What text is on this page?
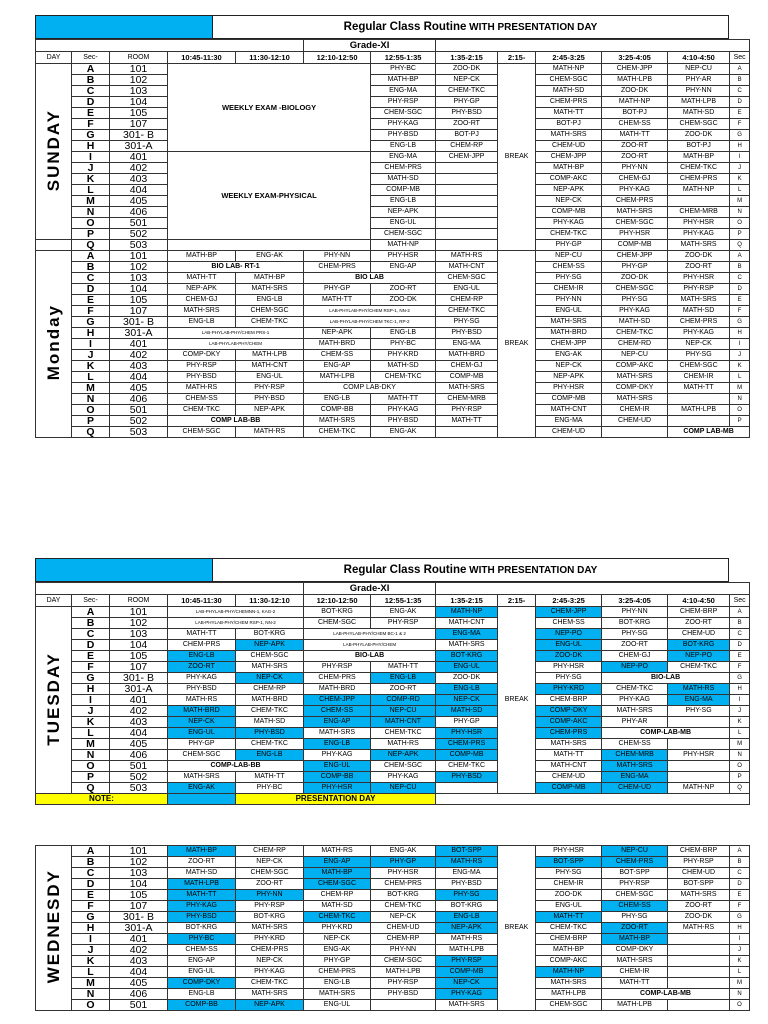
Regular Class Routine WITH PRESENTATION DAY
					Grade-XI								
DAY	Sec-	ROOM	10:45-11:30	11:30-12:10	12:10-12:50	12:55-1:35	1:35-2:15	2:15-	2:45-3:25	3:25-4:05	4:10-4:50	Sec	
SUNDAY	A	101	WEEKLY EXAM -BIOLOGY			PHY-BC	ZOO-DK	BREAK	MATH-NP	CHEM-JPP	NEP-CU	A	
	B	102				MATH-BP	NEP-CK		CHEM-SGC	MATH-LPB	PHY-AR	B	
	C	103				ENG-MA	CHEM-TKC		MATH-SD	ZOO-DK	PHY-NN	C	
	D	104				PHY-RSP	PHY-GP		CHEM-PRS	MATH-NP	MATH-LPB	D	
	E	105				CHEM-SGC	PHY-BSD		MATH-TT	BOT-PJ	MATH-SD	E	
	F	107				PHY-KAG	ZOO-RT		BOT-PJ	CHEM-SS	CHEM-SGC	F	
	G	301- B				PHY-BSD	BOT-PJ		MATH-SRS	MATH-TT	ZOO-DK	G	
	H	301-A				ENG-LB	CHEM-RP		CHEM-UD	ZOO-RT	BOT-PJ	H	
	I	401	WEEKLY EXAM-PHYSICAL			ENG-MA	CHEM-JPP		CHEM-JPP	ZOO-RT	MATH-BP	I	
	J	402				CHEM-PRS			MATH-BP	PHY-NN	CHEM-TKC	J	
	K	403				MATH-SD			COMP-AKC	CHEM-GJ	CHEM-PRS	K	
	L	404				COMP-MB			NEP-APK	PHY-KAG	MATH-NP	L	
	M	405				ENG-LB			NEP-CK	CHEM-PRS		M	
	N	406				NEP-APK			COMP-MB	MATH-SRS	CHEM-MRB	N	
	O	501				ENG-UL			PHY-KAG	CHEM-SGC	PHY-HSR	O	
	P	502				CHEM-SGC			CHEM-TKC	PHY-HSR	PHY-KAG	P	
	Q	503				MATH-NP			PHY-GP	COMP-MB	MATH-SRS	Q	
Monday	A	101	MATH-BP	ENG-AK	PHY-NN	PHY-HSR	MATH-RS	BREAK	NEP-CU	CHEM-JPP	ZOO-DK	A	
	B	102	BIO LAB- RT-1		CHEM-PRS	ENG-AP	MATH-CNT		CHEM-SS	PHY-GP	ZOO-RT	B	
	C	103	MATH-TT	MATH-BP	BIO LAB		CHEM-SGC		PHY-SG	ZOO-DK	PHY-HSR	C	
	D	104	NEP-APK	MATH-SRS	PHY-GP	ZOO-RT	ENG-UL		CHEM-IR	CHEM-SGC	PHY-RSP	D	
	E	105	CHEM-GJ	ENG-LB	MATH-TT	ZOO-DK	CHEM-RP		PHY-NN	PHY-SG	MATH-SRS	E	
	F	107	MATH-SRS	CHEM-SGC	LAB-PHYLAB-PHY/CHEM RSP-1, NN-2		CHEM-TKC		ENG-UL	PHY-KAG	MATH-SD	F	
	G	301- B	ENG-LB	CHEM-TKC	LAB-PHYLAB-PHY/CHEM TKC-1, RP-2		PHY-SG		MATH-SRS	MATH-SD	CHEM-PRS	G	
	H	301-A	LAB-PHYLAB-PHY/CHEM PRS-1		NEP-APK	ENG-LB	PHY-BSD		MATH-BRD	CHEM-TKC	PHY-KAG	H	
	I	401	LAB-PHYLAB-PHY/CHEM		MATH-BRD	PHY-BC	ENG-MA		CHEM-JPP	CHEM-RD	NEP-CK	I	
	J	402	COMP-DKY	MATH-LPB	CHEM-SS	PHY-KRD	MATH-BRD		ENG-AK	NEP-CU	PHY-SG	J	
	K	403	PHY-RSP	MATH-CNT	ENG-AP	MATH-SD	CHEM-GJ		NEP-CK	COMP-AKC	CHEM-SGC	K	
	L	404	PHY-BSD	ENG-UL	MATH-LPB	CHEM-TKC	COMP-MB		NEP-APK	MATH-SRS	CHEM-IR	L	
	M	405	MATH-RS	PHY-RSP	COMP LAB-DKY		MATH-SRS		PHY-HSR	COMP-DKY	MATH-TT	M	
	N	406	CHEM-SS	PHY-BSD	ENG-LB	MATH-TT	CHEM-MRB		COMP-MB	MATH-SRS		N	
	O	501	CHEM-TKC	NEP-APK	COMP-BB	PHY-KAG	PHY-RSP		MATH-CNT	CHEM-IR	MATH-LPB	O	
	P	502	COMP LAB-BB		MATH-SRS	PHY-BSD	MATH-TT		ENG-MA	CHEM-UD		P	
	Q	503	CHEM-SGC	MATH-RS	CHEM-TKC	ENG-AK			CHEM-UD		COMP LAB-MB	
Regular Class Routine WITH PRESENTATION DAY
					Grade-XI							
DAY	Sec-	ROOM	10:45-11:30	11:30-12:10	12:10-12:50	12:55-1:35	1:35-2:15	2:15-	2:45-3:25	3:25-4:05	4:10-4:50	Sec
TUESDAY	A	101	LAB-PHYLAB-PHY/CHEMNN-1, KAG-2		BOT-KRG	ENG-AK	MATH-NP	BREAK	CHEM-JPP	PHY-NN	CHEM-BRP	A
	B	102	LAB-PHYLAB-PHY/CHEM RSP-1, NN-2		CHEM-SGC	PHY-RSP	MATH-CNT		CHEM-SS	BOT-KRG	ZOO-RT	B
	C	103	MATH-TT	BOT-KRG	LAB-PHYLAB-PHY/CHEM BC-1 & 2		ENG-MA		NEP-PO	PHY-SG	CHEM-UD	C
	D	104	CHEM-PRS	NEP-APK	LAB-PHYLAB-PHY/CHEM		MATH-SRS		ENG-UL	ZOO-RT	BOT-KRG	D
	E	105	ENG-LB	CHEM-SGC	BIO-LAB		BOT-KRG		ZOO-DK	CHEM-GJ	NEP-PO	E
	F	107	ZOO-RT	MATH-SRS	PHY-RSP	MATH-TT	ENG-UL		PHY-HSR	NEP-PO	CHEM-TKC	F
	G	301- B	PHY-KAG	NEP-CK	CHEM-PRS	ENG-LB	ZOO-DK		PHY-SG	BIO-LAB		G
	H	301-A	PHY-BSD	CHEM-RP	MATH-BRD	ZOO-RT	ENG-LB		PHY-KRD	CHEM-TKC	MATH-RS	H
	I	401	MATH-RS	MATH-BRD	CHEM-JPP	COMP-RD	NEP-CK		CHEM-BRP	PHY-KAG	ENG-MA	I
	J	402	MATH-BRD	CHEM-TKC	CHEM-SS	NEP-CU	MATH-SD		COMP-DKY	MATH-SRS	PHY-SG	J
	K	403	NEP-CK	MATH-SD	ENG-AP	MATH-CNT	PHY-GP		COMP-AKC	PHY-AR		K
	L	404	ENG-UL	PHY-BSD	MATH-SRS	CHEM-TKC	PHY-HSR		CHEM-PRS	COMP-LAB-MB		L
	M	405	PHY-GP	CHEM-TKC	ENG-LB	MATH-RS	CHEM-PRS		MATH-SRS	CHEM-SS		M
	N	406	CHEM-SGC	ENG-LB	PHY-KAG	NEP-APK	COMP-MB		MATH-TT	CHEM-MRB	PHY-HSR	N
	O	501	COMP-LAB-BB		ENG-UL	CHEM-SGC	CHEM-TKC		MATH-CNT	MATH-SRS		O
	P	502	MATH-SRS	MATH-TT	COMP-BB	PHY-KAG	PHY-BSD		CHEM-UD	ENG-MA		P
	Q	503	ENG-AK	PHY-BC	PHY-HSR	NEP-CU			COMP-MB	CHEM-UD	MATH-NP	Q
NOTE:				PRESENTATION DAY								
WEDNESDY	A	101	MATH-BP	CHEM-RP	MATH-RS	ENG-AK	BOT-SPP	BREAK	PHY-HSR	NEP-CU	CHEM-BRP	A
	B	102	ZOO-RT	NEP-CK	ENG-AP	PHY-GP	MATH-RS		BOT-SPP	CHEM-PRS	PHY-RSP	B
	C	103	MATH-SD	CHEM-SGC	MATH-BP	PHY-HSR	ENG-MA		PHY-SG	BOT-SPP	CHEM-UD	C
	D	104	MATH-LPB	ZOO-RT	CHEM-SGC	CHEM-PRS	PHY-BSD		CHEM-IR	PHY-RSP	BOT-SPP	D
	E	105	MATH-TT	PHY-NN	CHEM-RP	BOT-KRG	PHY-SG		ZOO-DK	CHEM-SGC	MATH-SRS	E
	F	107	PHY-KAG	PHY-RSP	MATH-SD	CHEM-TKC	BOT-KRG		ENG-UL	CHEM-SS	ZOO-RT	F
	G	301- B	PHY-BSD	BOT-KRG	CHEM-TKC	NEP-CK	ENG-LB		MATH-TT	PHY-SG	ZOO-DK	G
	H	301-A	BOT-KRG	MATH-SRS	PHY-KRD	CHEM-UD	NEP-APK		CHEM-TKC	ZOO-RT	MATH-RS	H
	I	401	PHY-BC	PHY-KRD	NEP-CK	CHEM-RP	MATH-RS		CHEM-BRP	MATH-BP		I
	J	402	CHEM-SS	CHEM-PRS	ENG-AK	PHY-NN	MATH-LPB		MATH-BP	COMP-DKY		J
	K	403	ENG-AP	NEP-CK	PHY-GP	CHEM-SGC	PHY-RSP		COMP-AKC	MATH-SRS		K
	L	404	ENG-UL	PHY-KAG	CHEM-PRS	MATH-LPB	COMP-MB		MATH-NP	CHEM-IR		L
	M	405	COMP-DKY	CHEM-TKC	ENG-LB	PHY-RSP	NEP-CK		MATH-SRS	MATH-TT		M
	N	406	ENG-LB	MATH-SRS	MATH-SRS	PHY-BSD	PHY-KAG		MATH-LPB	COMP-LAB-MB		N
	O	501	COMP-BB	NEP-APK	ENG-UL		MATH-SRS		CHEM-SGC	MATH-LPB		O
